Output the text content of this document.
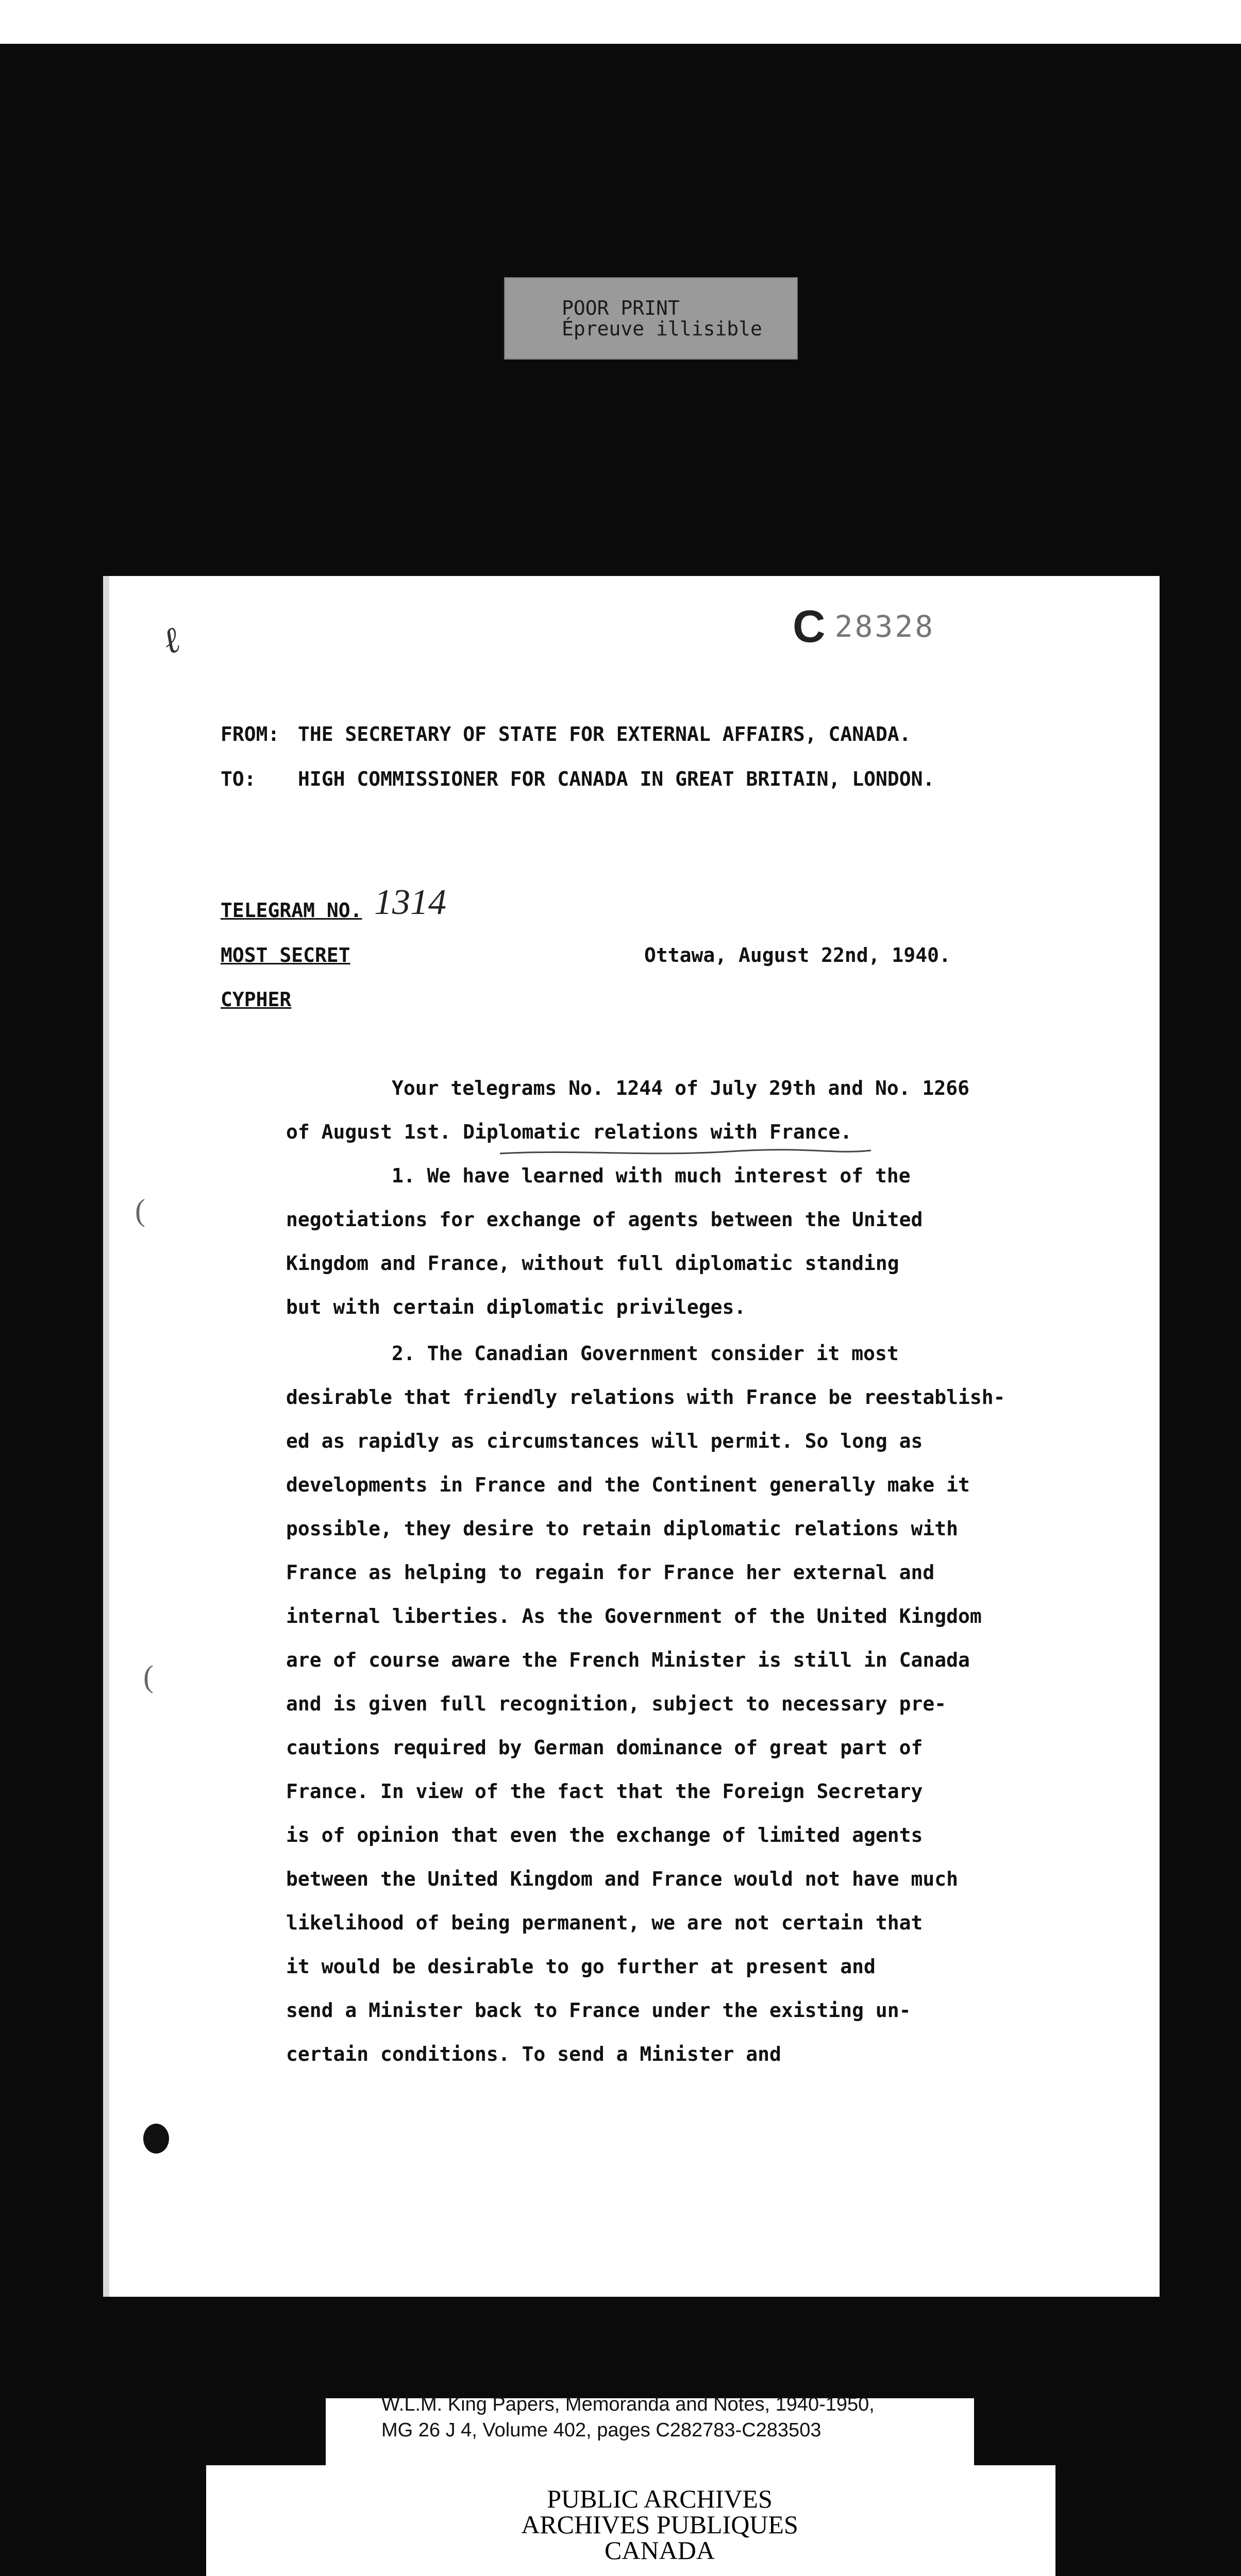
POOR PRINT
Épreuve illisible
ℓ	C 28328
FROM: THE SECRETARY OF STATE FOR EXTERNAL AFFAIRS, CANADA.
TO: HIGH COMMISSIONER FOR CANADA IN GREAT BRITAIN, LONDON.
TELEGRAM NO. 1314
MOST SECRET	Ottawa, August 22nd, 1940.
CYPHER
Your telegrams No. 1244 of July 29th and No. 1266
of August 1st. Diplomatic relations with France.
1. We have learned with much interest of the
negotiations for exchange of agents between the United
Kingdom and France, without full diplomatic standing
but with certain diplomatic privileges.
2. The Canadian Government consider it most
desirable that friendly relations with France be reestablish-
ed as rapidly as circumstances will permit. So long as
developments in France and the Continent generally make it
possible, they desire to retain diplomatic relations with
France as helping to regain for France her external and
internal liberties. As the Government of the United Kingdom
are of course aware the French Minister is still in Canada
and is given full recognition, subject to necessary pre-
cautions required by German dominance of great part of
France. In view of the fact that the Foreign Secretary
is of opinion that even the exchange of limited agents
between the United Kingdom and France would not have much
likelihood of being permanent, we are not certain that
it would be desirable to go further at present and
send a Minister back to France under the existing un-
certain conditions. To send a Minister and
(
(
W.L.M. King Papers, Memoranda and Notes, 1940-1950,
MG 26 J 4, Volume 402, pages C282783-C283503
PUBLIC ARCHIVES
ARCHIVES PUBLIQUES
CANADA
